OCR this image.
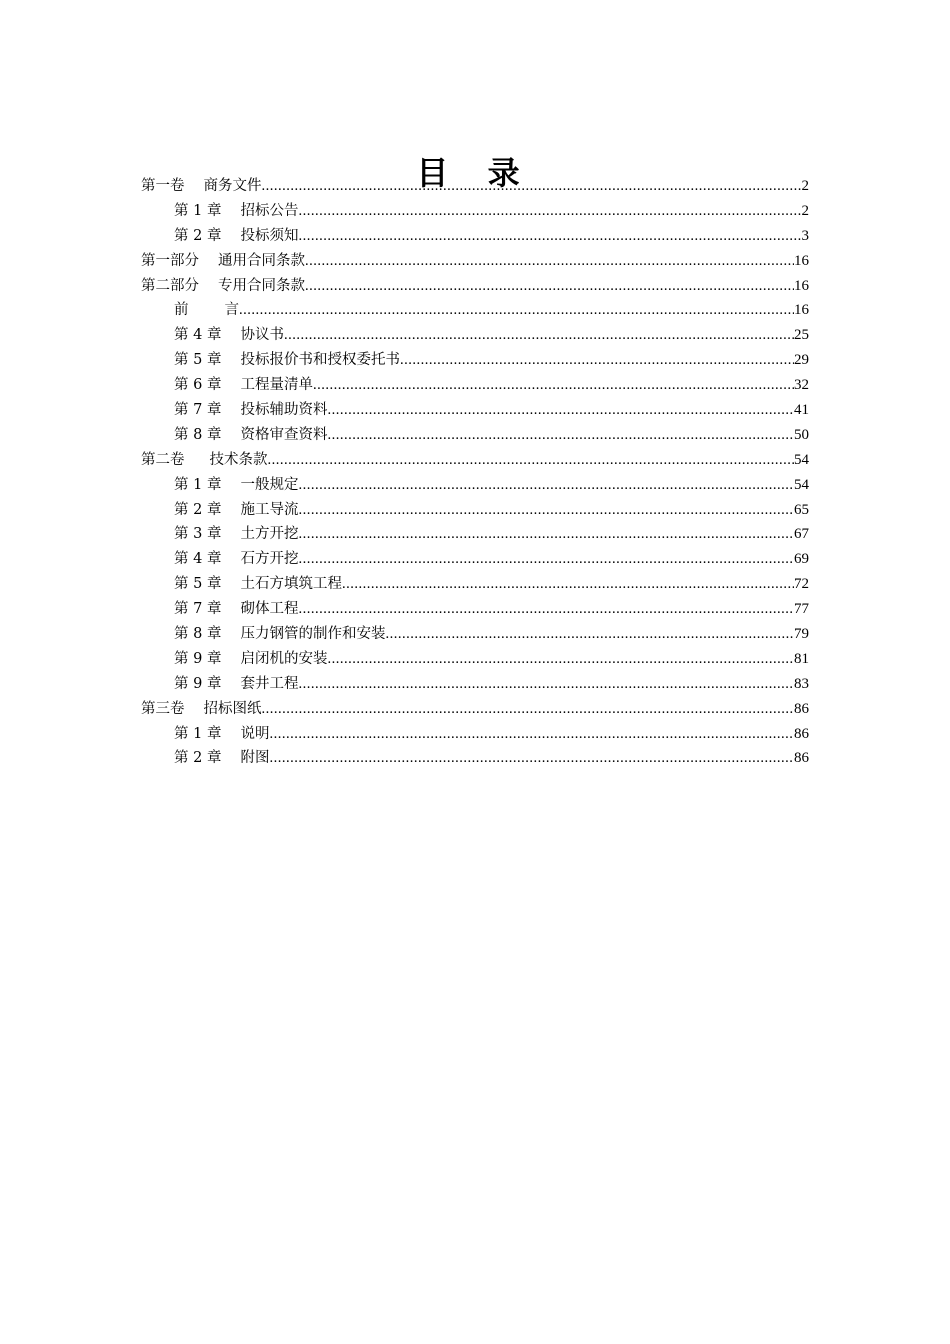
目 录
第一卷 商务文件 .....	2
第 1 章 招标公告 .....	2
第 2 章 投标须知 .....	3
第一部分 通用合同条款 .....	16
第二部分 专用合同条款 .....	16
前 言 .....	16
第 4 章 协议书 .....	25
第 5 章 投标报价书和授权委托书 .....	29
第 6 章 工程量清单 .....	32
第 7 章 投标辅助资料 .....	41
第 8 章 资格审查资料 .....	50
第二卷 技术条款 .....	54
第 1 章 一般规定 .....	54
第 2 章 施工导流 .....	65
第 3 章 土方开挖 .....	67
第 4 章 石方开挖 .....	69
第 5 章 土石方填筑工程 .....	72
第 7 章 砌体工程 .....	77
第 8 章 压力钢管的制作和安装 .....	79
第 9 章 启闭机的安装 .....	81
第 9 章 套井工程 .....	83
第三卷 招标图纸 .....	86
第 1 章 说明 .....	86
第 2 章 附图 .....	86
